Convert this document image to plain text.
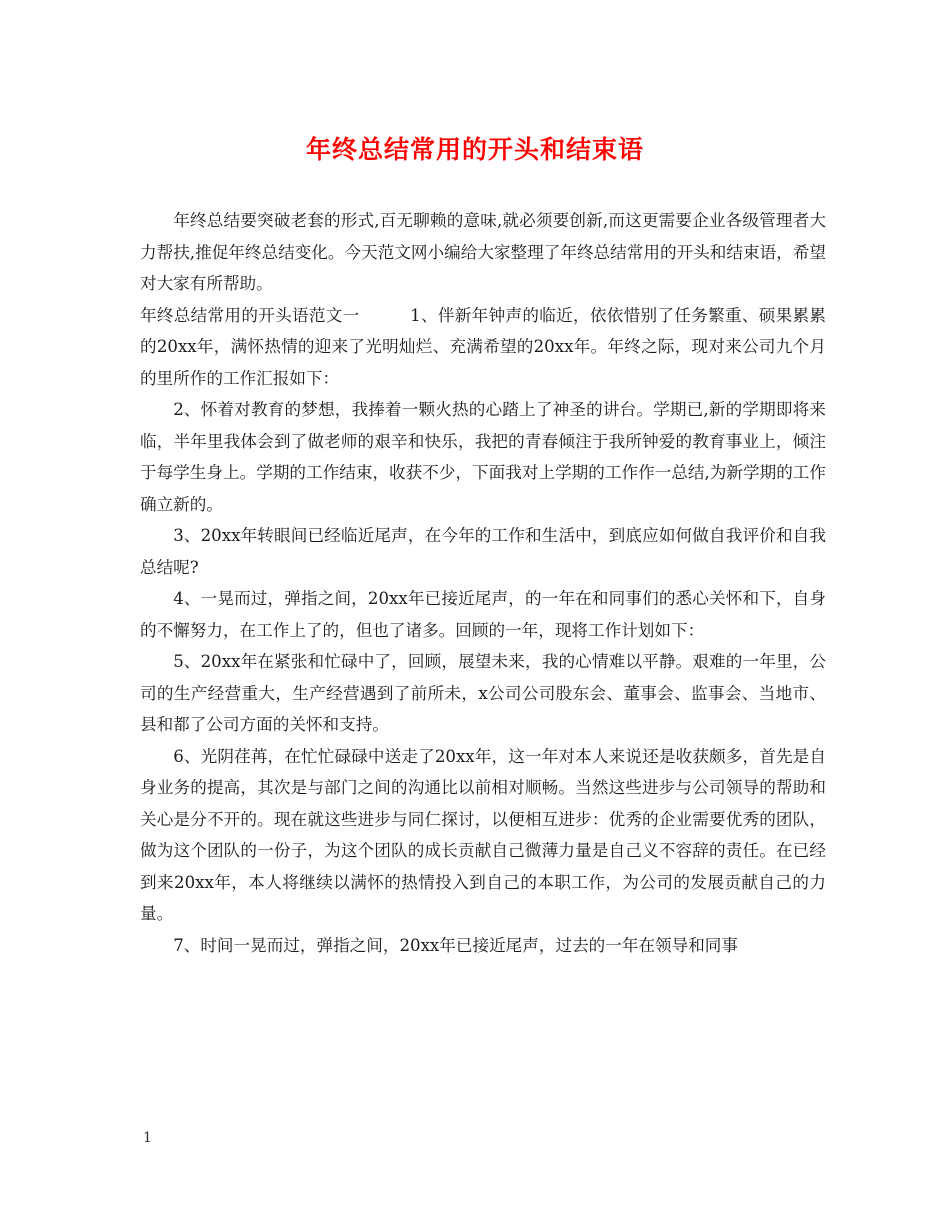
年终总结常用的开头和结束语

年终总结要突破老套的形式,百无聊赖的意味,就必须要创新,而这更需要企业各级管理者大力帮扶,推促年终总结变化。今天范文网小编给大家整理了年终总结常用的开头和结束语，希望对大家有所帮助。

年终总结常用的开头语范文一　　　1、伴新年钟声的临近，依依惜别了任务繁重、硕果累累的20xx年，满怀热情的迎来了光明灿烂、充满希望的20xx年。年终之际，现对来公司九个月的里所作的工作汇报如下：

2、怀着对教育的梦想，我捧着一颗火热的心踏上了神圣的讲台。学期已,新的学期即将来临，半年里我体会到了做老师的艰辛和快乐，我把的青春倾注于我所钟爱的教育事业上，倾注于每学生身上。学期的工作结束，收获不少，下面我对上学期的工作作一总结,为新学期的工作确立新的。

3、20xx年转眼间已经临近尾声，在今年的工作和生活中，到底应如何做自我评价和自我总结呢?

4、一晃而过，弹指之间，20xx年已接近尾声，的一年在和同事们的悉心关怀和下，自身的不懈努力，在工作上了的，但也了诸多。回顾的一年，现将工作计划如下：

5、20xx年在紧张和忙碌中了，回顾，展望未来，我的心情难以平静。艰难的一年里，公司的生产经营重大，生产经营遇到了前所未，x公司公司股东会、董事会、监事会、当地市、县和都了公司方面的关怀和支持。

6、光阴荏苒，在忙忙碌碌中送走了20xx年，这一年对本人来说还是收获颇多，首先是自身业务的提高，其次是与部门之间的沟通比以前相对顺畅。当然这些进步与公司领导的帮助和关心是分不开的。现在就这些进步与同仁探讨，以便相互进步：优秀的企业需要优秀的团队，做为这个团队的一份子，为这个团队的成长贡献自己微薄力量是自己义不容辞的责任。在已经到来20xx年，本人将继续以满怀的热情投入到自己的本职工作，为公司的发展贡献自己的力量。

7、时间一晃而过，弹指之间，20xx年已接近尾声，过去的一年在领导和同事

1
